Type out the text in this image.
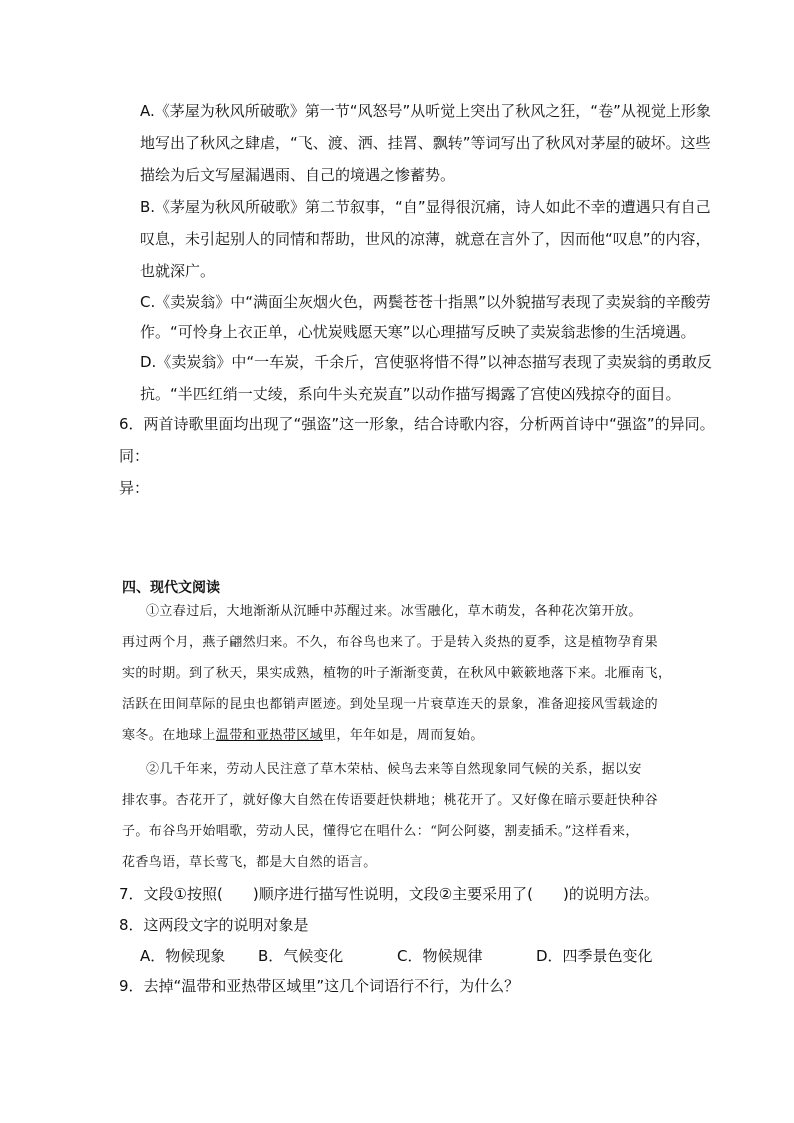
A.《茅屋为秋风所破歌》第一节“风怒号”从听觉上突出了秋风之狂，“卷”从视觉上形象
地写出了秋风之肆虐，“飞、渡、洒、挂罥、飘转”等词写出了秋风对茅屋的破坏。这些
描绘为后文写屋漏遇雨、自己的境遇之惨蓄势。
B.《茅屋为秋风所破歌》第二节叙事，“自”显得很沉痛，诗人如此不幸的遭遇只有自己
叹息，未引起别人的同情和帮助，世风的凉薄，就意在言外了，因而他“叹息”的内容，
也就深广。
C.《卖炭翁》中“满面尘灰烟火色，两鬓苍苍十指黑”以外貌描写表现了卖炭翁的辛酸劳
作。“可怜身上衣正单，心忧炭贱愿天寒”以心理描写反映了卖炭翁悲惨的生活境遇。
D.《卖炭翁》中“一车炭，千余斤，宫使驱将惜不得”以神态描写表现了卖炭翁的勇敢反
抗。“半匹红绡一丈绫，系向牛头充炭直”以动作描写揭露了宫使凶残掠夺的面目。
6．两首诗歌里面均出现了“强盗”这一形象，结合诗歌内容，分析两首诗中“强盗”的异同。
同：
异：
四、现代文阅读
①立春过后，大地渐渐从沉睡中苏醒过来。冰雪融化，草木萌发，各种花次第开放。
再过两个月，燕子翩然归来。不久，布谷鸟也来了。于是转入炎热的夏季，这是植物孕育果
实的时期。到了秋天，果实成熟，植物的叶子渐渐变黄，在秋风中簌簌地落下来。北雁南飞，
活跃在田间草际的昆虫也都销声匿迹。到处呈现一片衰草连天的景象，准备迎接风雪载途的
寒冬。在地球上温带和亚热带区域里，年年如是，周而复始。
②几千年来，劳动人民注意了草木荣枯、候鸟去来等自然现象同气候的关系，据以安
排农事。杏花开了，就好像大自然在传语要赶快耕地；桃花开了。又好像在暗示要赶快种谷
子。布谷鸟开始唱歌，劳动人民，懂得它在唱什么：“阿公阿婆，割麦插禾。”这样看来，
花香鸟语，草长莺飞，都是大自然的语言。
7．文段①按照(　　)顺序进行描写性说明，文段②主要采用了(　　)的说明方法。
8．这两段文字的说明对象是
A．物候现象 B．气候变化	C．物候规律	D．四季景色变化
9．去掉“温带和亚热带区域里”这几个词语行不行，为什么？
